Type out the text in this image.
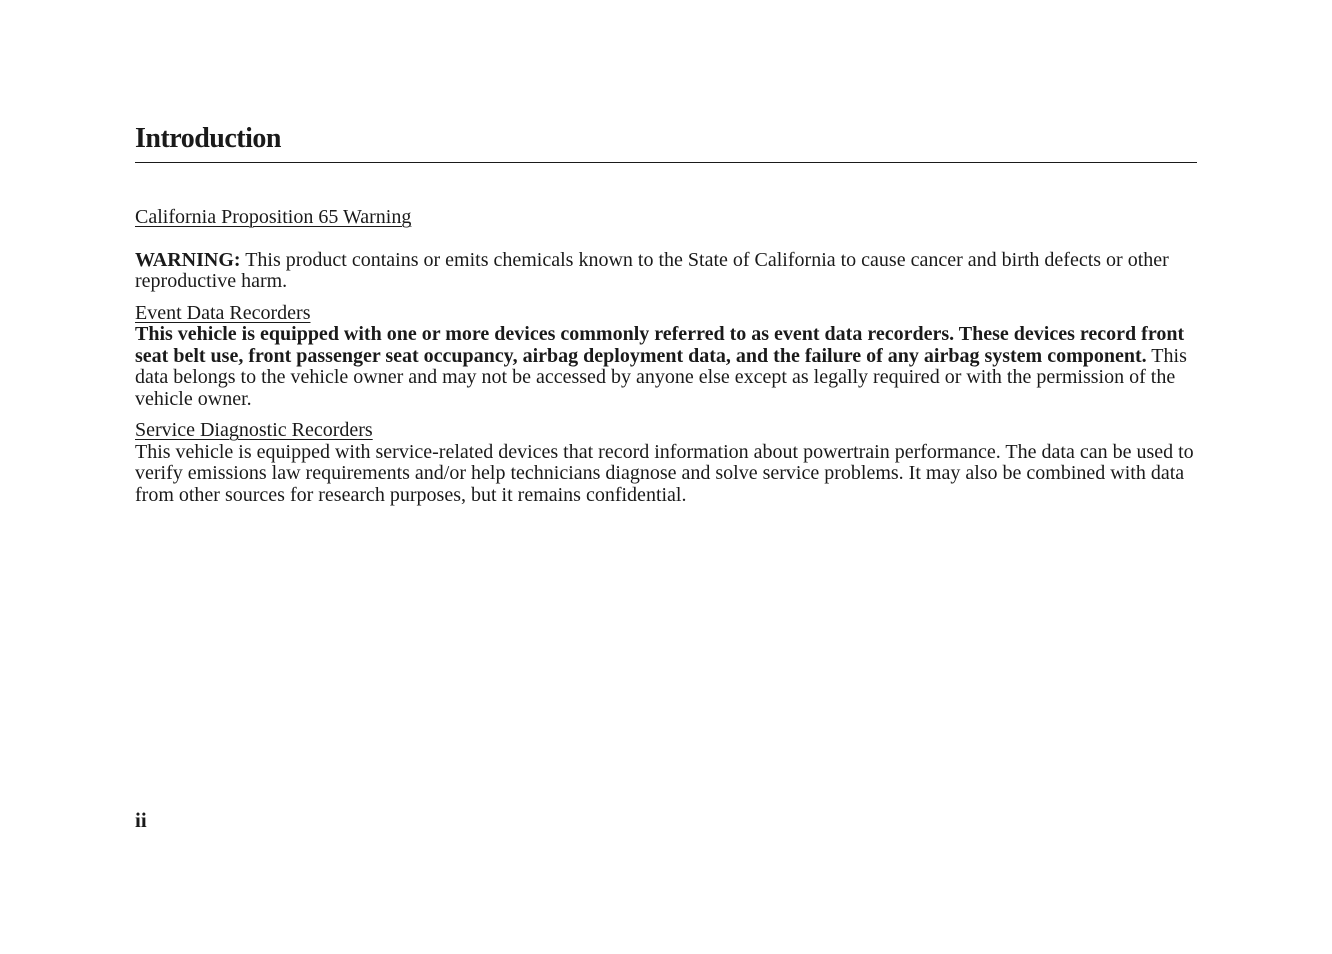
Introduction
California Proposition 65 Warning

WARNING: This product contains or emits chemicals known to the State of California to cause cancer and birth defects or other reproductive harm.

Event Data Recorders

This vehicle is equipped with one or more devices commonly referred to as event data recorders. These devices record front seat belt use, front passenger seat occupancy, airbag deployment data, and the failure of any airbag system component. This data belongs to the vehicle owner and may not be accessed by anyone else except as legally required or with the permission of the vehicle owner.

Service Diagnostic Recorders

This vehicle is equipped with service-related devices that record information about powertrain performance. The data can be used to verify emissions law requirements and/or help technicians diagnose and solve service problems. It may also be combined with data from other sources for research purposes, but it remains confidential.

ii
